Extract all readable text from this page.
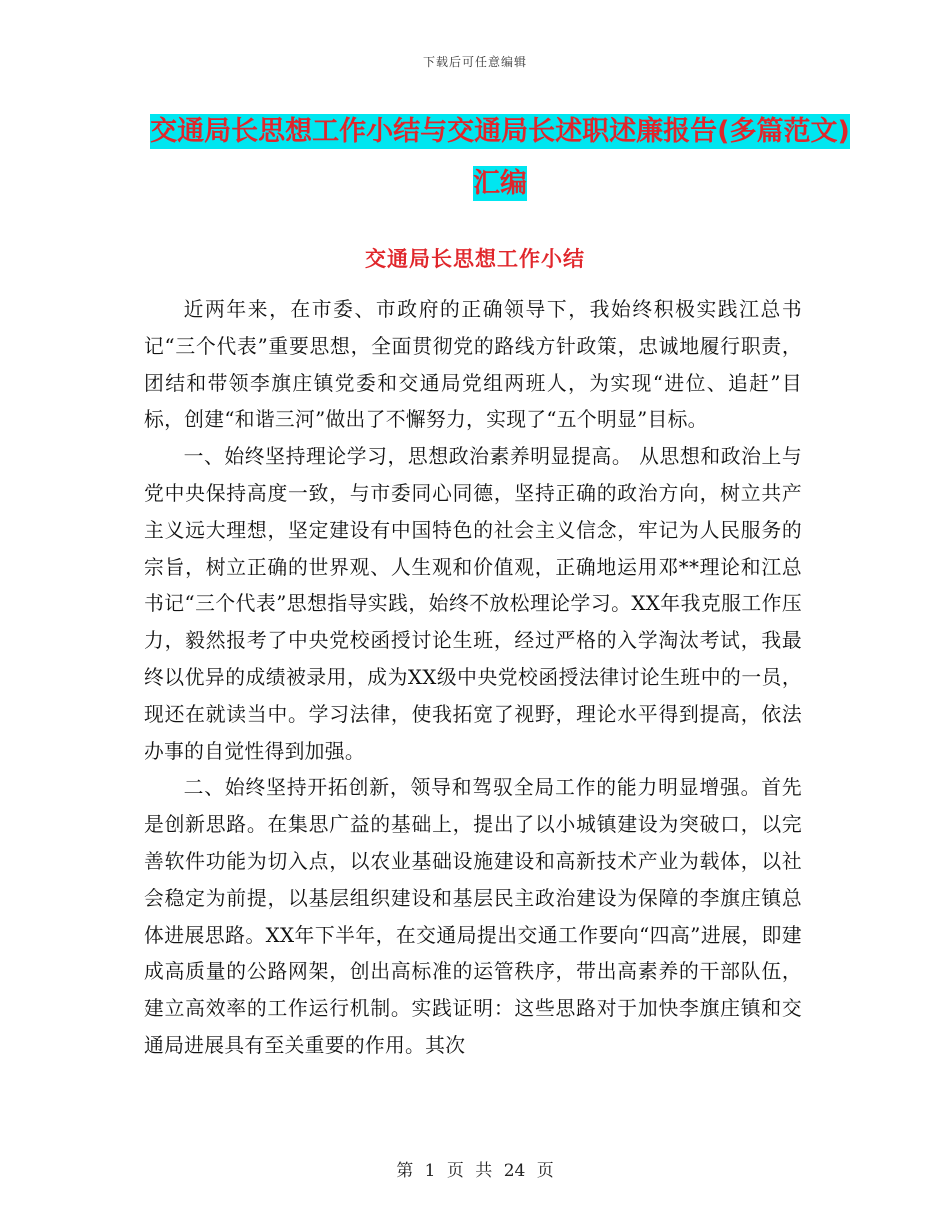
下载后可任意编辑
交通局长思想工作小结与交通局长述职述廉报告(多篇范文)汇编
交通局长思想工作小结

近两年来，在市委、市政府的正确领导下，我始终积极实践江总书记“三个代表”重要思想，全面贯彻党的路线方针政策，忠诚地履行职责，团结和带领李旗庄镇党委和交通局党组两班人，为实现“进位、追赶”目标，创建“和谐三河”做出了不懈努力，实现了“五个明显”目标。

一、始终坚持理论学习，思想政治素养明显提高。 从思想和政治上与党中央保持高度一致，与市委同心同德，坚持正确的政治方向，树立共产主义远大理想，坚定建设有中国特色的社会主义信念，牢记为人民服务的宗旨，树立正确的世界观、人生观和价值观，正确地运用邓**理论和江总书记“三个代表”思想指导实践，始终不放松理论学习。XX年我克服工作压力，毅然报考了中央党校函授讨论生班，经过严格的入学淘汰考试，我最终以优异的成绩被录用，成为XX级中央党校函授法律讨论生班中的一员，现还在就读当中。学习法律，使我拓宽了视野，理论水平得到提高，依法办事的自觉性得到加强。

二、始终坚持开拓创新，领导和驾驭全局工作的能力明显增强。首先是创新思路。在集思广益的基础上，提出了以小城镇建设为突破口，以完善软件功能为切入点，以农业基础设施建设和高新技术产业为载体，以社会稳定为前提，以基层组织建设和基层民主政治建设为保障的李旗庄镇总体进展思路。XX年下半年，在交通局提出交通工作要向“四高”进展，即建成高质量的公路网架，创出高标准的运管秩序，带出高素养的干部队伍，建立高效率的工作运行机制。实践证明：这些思路对于加快李旗庄镇和交通局进展具有至关重要的作用。其次

第 1 页 共 24 页
